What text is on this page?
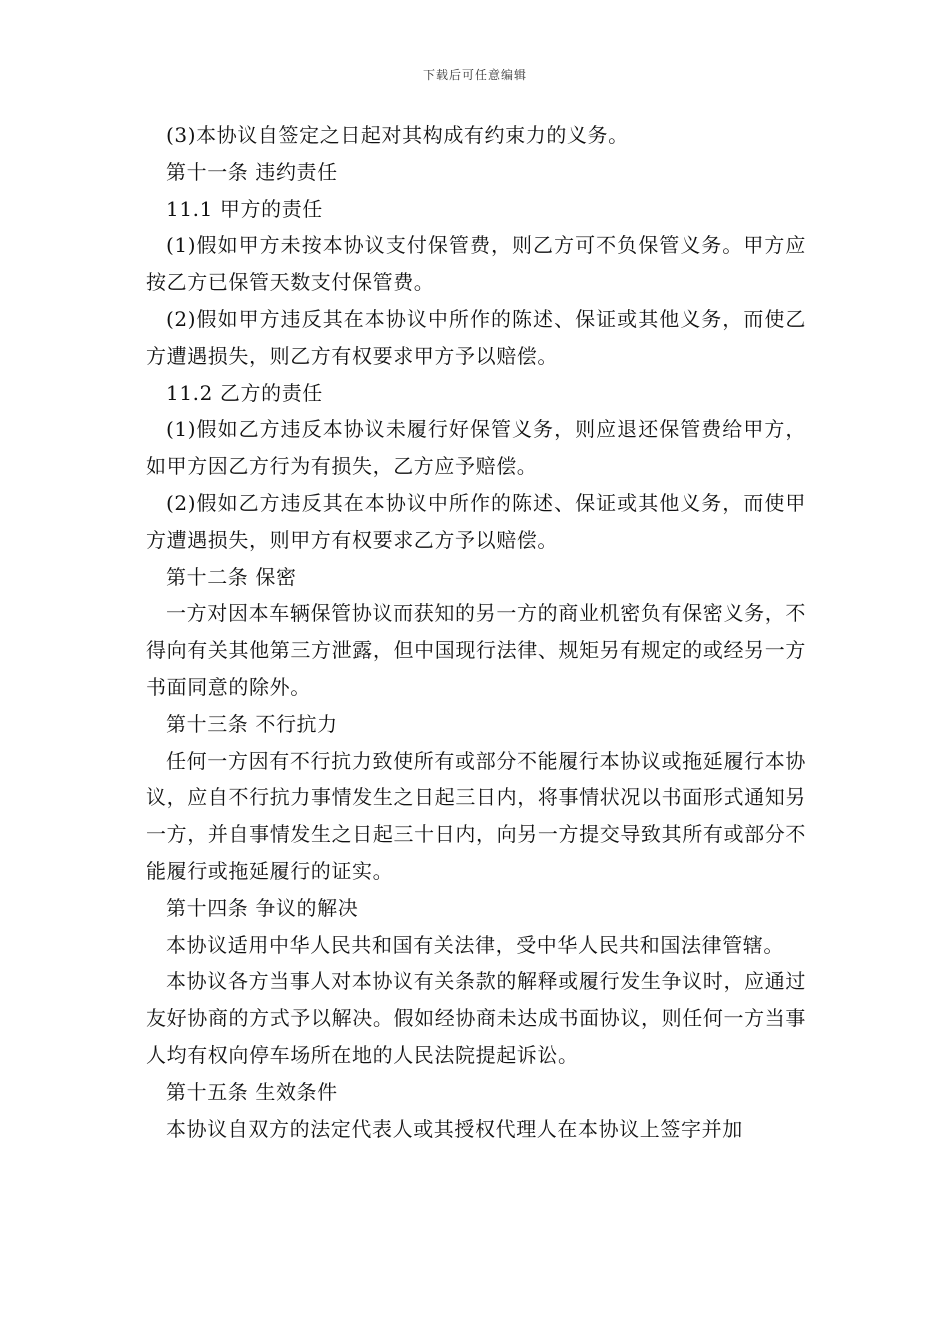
下载后可任意编辑

(3)本协议自签定之日起对其构成有约束力的义务。

第十一条 违约责任

11.1 甲方的责任

(1)假如甲方未按本协议支付保管费，则乙方可不负保管义务。甲方应按乙方已保管天数支付保管费。

(2)假如甲方违反其在本协议中所作的陈述、保证或其他义务，而使乙方遭遇损失，则乙方有权要求甲方予以赔偿。

11.2 乙方的责任

(1)假如乙方违反本协议未履行好保管义务，则应退还保管费给甲方，如甲方因乙方行为有损失，乙方应予赔偿。

(2)假如乙方违反其在本协议中所作的陈述、保证或其他义务，而使甲方遭遇损失，则甲方有权要求乙方予以赔偿。

第十二条 保密

一方对因本车辆保管协议而获知的另一方的商业机密负有保密义务，不得向有关其他第三方泄露，但中国现行法律、规矩另有规定的或经另一方书面同意的除外。

第十三条 不行抗力

任何一方因有不行抗力致使所有或部分不能履行本协议或拖延履行本协议，应自不行抗力事情发生之日起三日内，将事情状况以书面形式通知另一方，并自事情发生之日起三十日内，向另一方提交导致其所有或部分不能履行或拖延履行的证实。

第十四条 争议的解决

本协议适用中华人民共和国有关法律，受中华人民共和国法律管辖。

本协议各方当事人对本协议有关条款的解释或履行发生争议时，应通过友好协商的方式予以解决。假如经协商未达成书面协议，则任何一方当事人均有权向停车场所在地的人民法院提起诉讼。

第十五条 生效条件

本协议自双方的法定代表人或其授权代理人在本协议上签字并加
